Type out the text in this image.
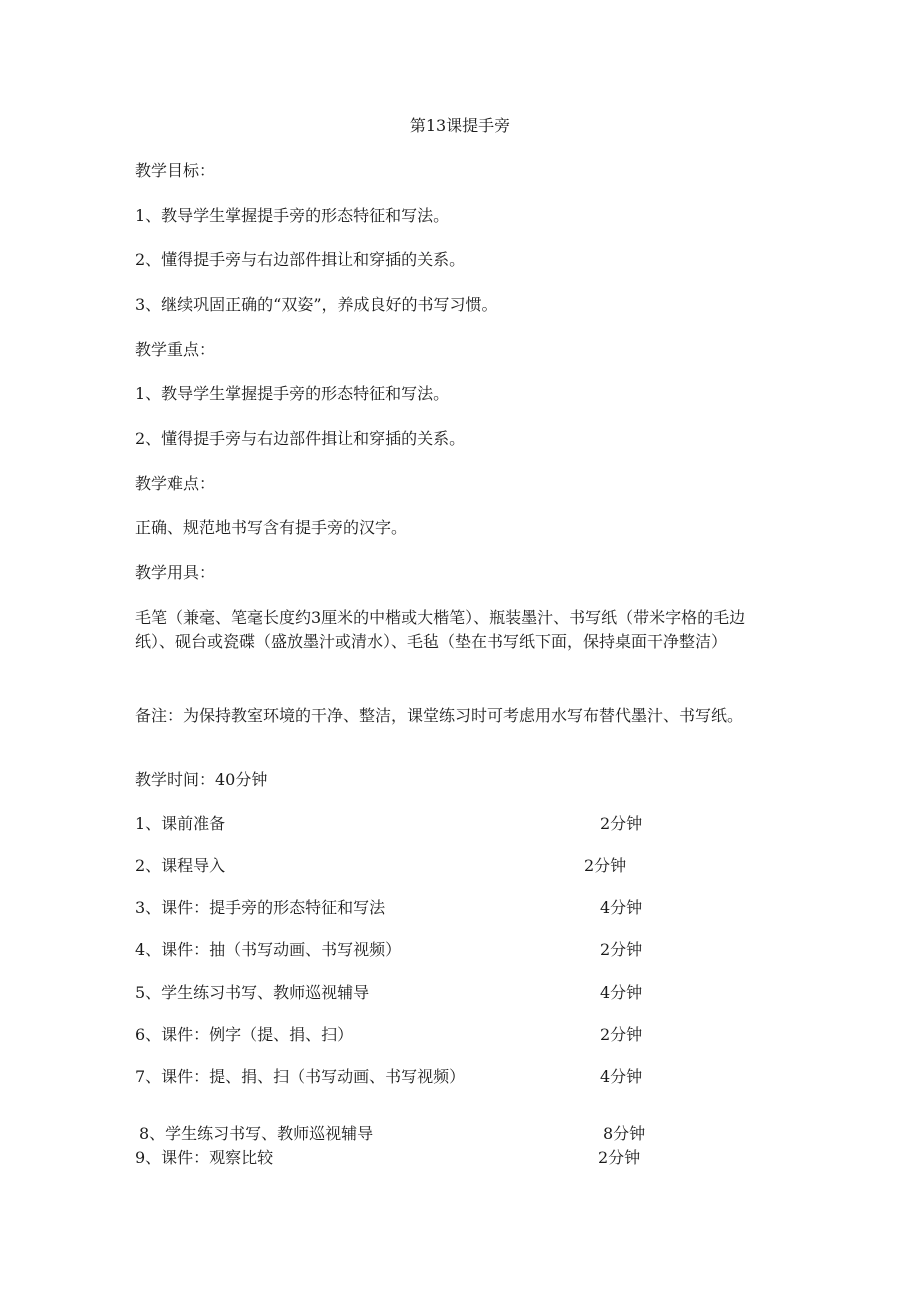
第13课提手旁

教学目标：

1、教导学生掌握提手旁的形态特征和写法。

2、懂得提手旁与右边部件揖让和穿插的关系。

3、继续巩固正确的“双姿”，养成良好的书写习惯。

教学重点：

1、教导学生掌握提手旁的形态特征和写法。

2、懂得提手旁与右边部件揖让和穿插的关系。

教学难点：

正确、规范地书写含有提手旁的汉字。

教学用具：

毛笔（兼毫、笔毫长度约3厘米的中楷或大楷笔）、瓶装墨汁、书写纸（带米字格的毛边纸）、砚台或瓷碟（盛放墨汁或清水）、毛毡（垫在书写纸下面，保持桌面干净整洁）

备注：为保持教室环境的干净、整洁，课堂练习时可考虑用水写布替代墨汁、书写纸。

教学时间：40分钟

1、课前准备	2分钟
2、课程导入	2分钟
3、课件：提手旁的形态特征和写法	4分钟
4、课件：抽（书写动画、书写视频）	2分钟
5、学生练习书写、教师巡视辅导	4分钟
6、课件：例字（提、捐、扫）	2分钟
7、课件：提、捐、扫（书写动画、书写视频）	4分钟
8、学生练习书写、教师巡视辅导	8分钟
9、课件：观察比较	2分钟
